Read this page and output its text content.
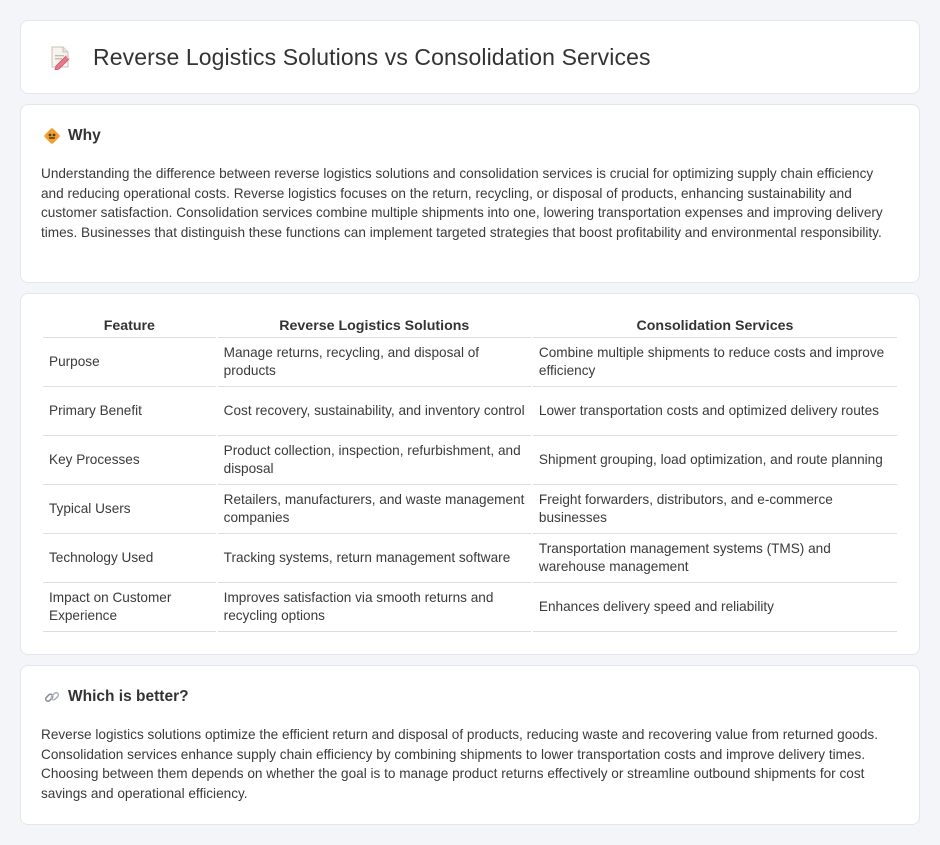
Reverse Logistics Solutions vs Consolidation Services
Why

Understanding the difference between reverse logistics solutions and consolidation services is crucial for optimizing supply chain efficiency and reducing operational costs. Reverse logistics focuses on the return, recycling, or disposal of products, enhancing sustainability and customer satisfaction. Consolidation services combine multiple shipments into one, lowering transportation expenses and improving delivery times. Businesses that distinguish these functions can implement targeted strategies that boost profitability and environmental responsibility.

Feature	Reverse Logistics Solutions	Consolidation Services
Purpose	Manage returns, recycling, and disposal of products	Combine multiple shipments to reduce costs and improve efficiency
Primary Benefit	Cost recovery, sustainability, and inventory control	Lower transportation costs and optimized delivery routes
Key Processes	Product collection, inspection, refurbishment, and disposal	Shipment grouping, load optimization, and route planning
Typical Users	Retailers, manufacturers, and waste management companies	Freight forwarders, distributors, and e-commerce businesses
Technology Used	Tracking systems, return management software	Transportation management systems (TMS) and warehouse management
Impact on Customer Experience	Improves satisfaction via smooth returns and recycling options	Enhances delivery speed and reliability
Which is better?

Reverse logistics solutions optimize the efficient return and disposal of products, reducing waste and recovering value from returned goods. Consolidation services enhance supply chain efficiency by combining shipments to lower transportation costs and improve delivery times. Choosing between them depends on whether the goal is to manage product returns effectively or streamline outbound shipments for cost savings and operational efficiency.
